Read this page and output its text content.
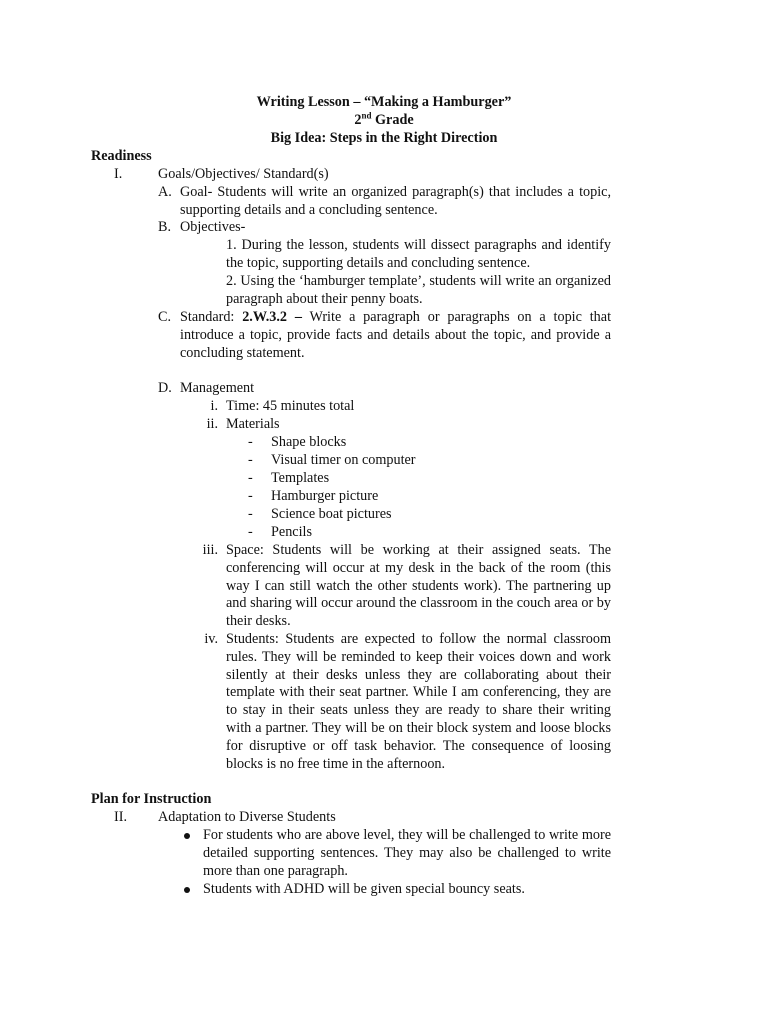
Writing Lesson – “Making a Hamburger”
2nd Grade
Big Idea: Steps in the Right Direction
Readiness
I.	Goals/Objectives/ Standard(s)
A. Goal- Students will write an organized paragraph(s) that includes a topic, supporting details and a concluding sentence.
B. Objectives-
1. During the lesson, students will dissect paragraphs and identify the topic, supporting details and concluding sentence.
2. Using the ‘hamburger template’, students will write an organized paragraph about their penny boats.
C. Standard: 2.W.3.2 – Write a paragraph or paragraphs on a topic that introduce a topic, provide facts and details about the topic, and provide a concluding statement.
D. Management
i. Time: 45 minutes total
ii. Materials
- Shape blocks
- Visual timer on computer
- Templates
- Hamburger picture
- Science boat pictures
- Pencils
iii. Space: Students will be working at their assigned seats. The conferencing will occur at my desk in the back of the room (this way I can still watch the other students work). The partnering up and sharing will occur around the classroom in the couch area or by their desks.
iv. Students: Students are expected to follow the normal classroom rules. They will be reminded to keep their voices down and work silently at their desks unless they are collaborating about their template with their seat partner. While I am conferencing, they are to stay in their seats unless they are ready to share their writing with a partner. They will be on their block system and loose blocks for disruptive or off task behavior. The consequence of loosing blocks is no free time in the afternoon.
Plan for Instruction
II. Adaptation to Diverse Students
For students who are above level, they will be challenged to write more detailed supporting sentences. They may also be challenged to write more than one paragraph.
Students with ADHD will be given special bouncy seats.
